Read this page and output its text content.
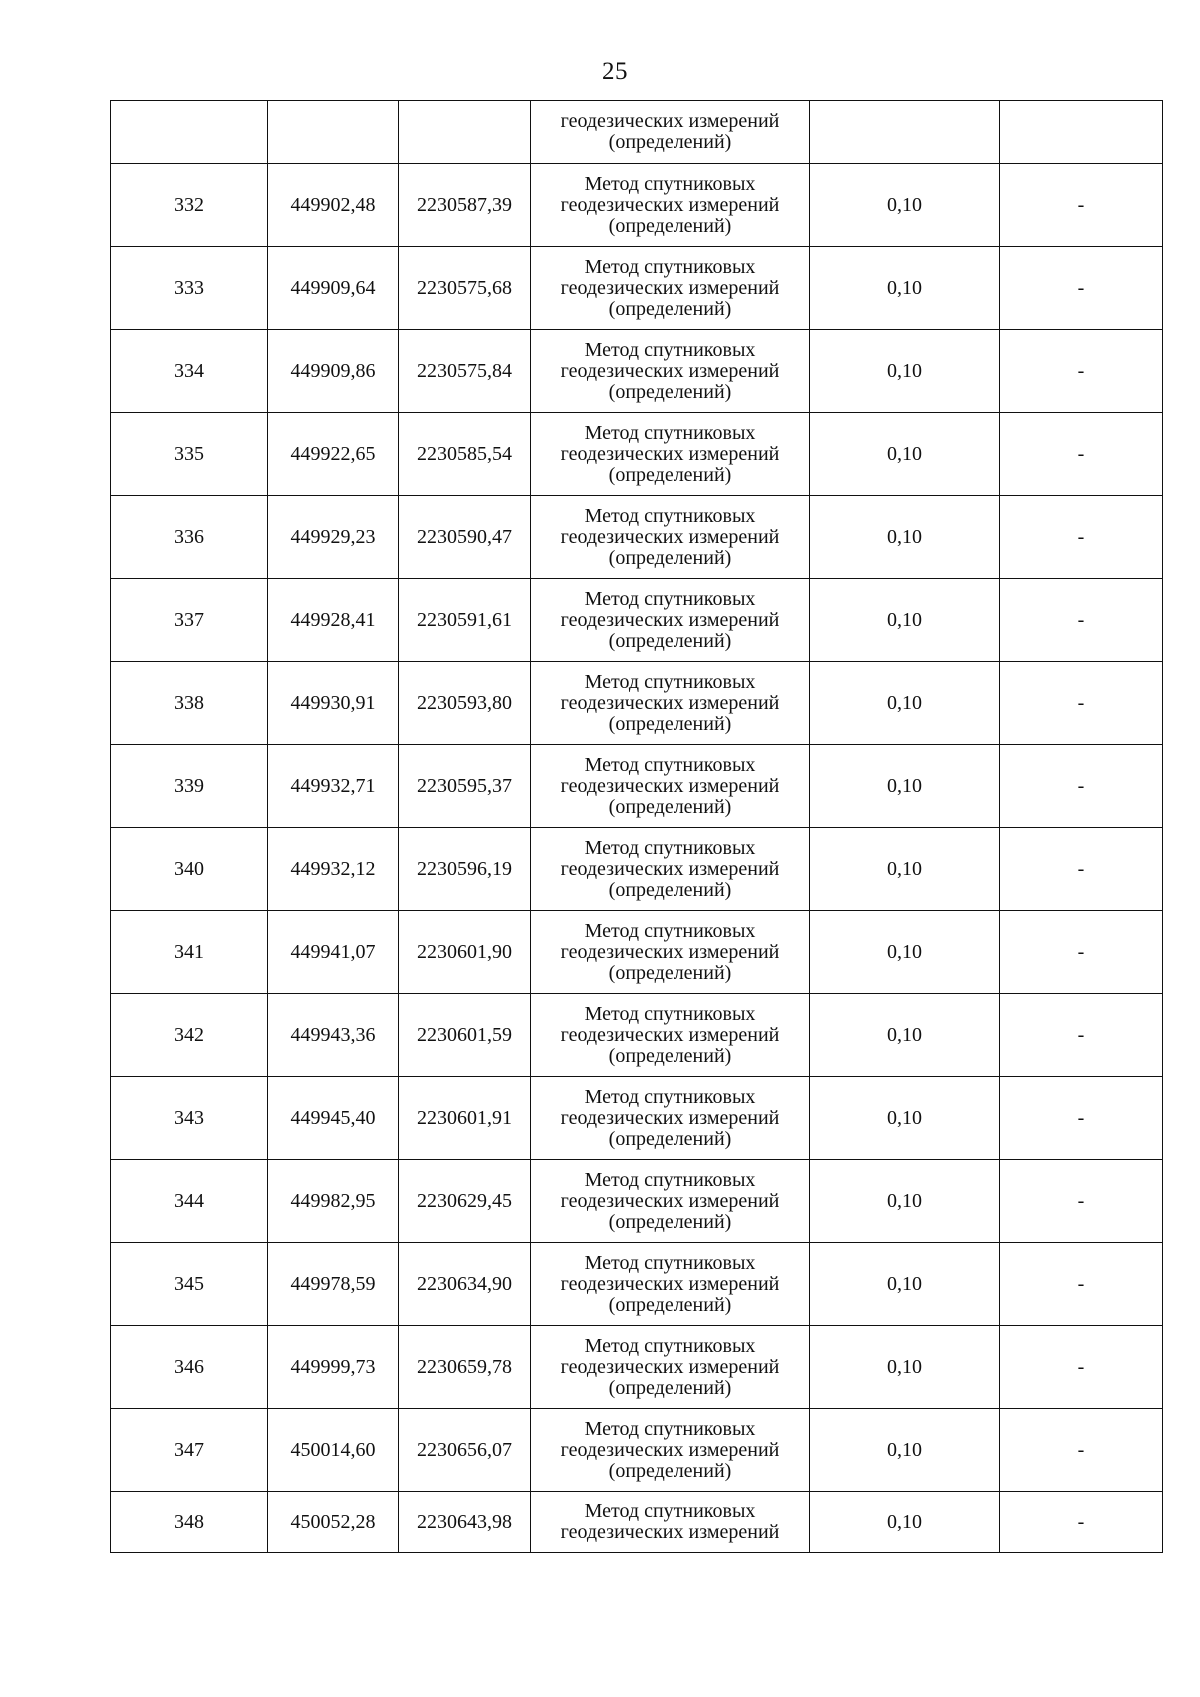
25

			геодезических измерений
(определений)		

332	449902,48	2230587,39	Метод спутниковых
геодезических измерений
(определений)	0,10	-
333	449909,64	2230575,68	Метод спутниковых
геодезических измерений
(определений)	0,10	-
334	449909,86	2230575,84	Метод спутниковых
геодезических измерений
(определений)	0,10	-
335	449922,65	2230585,54	Метод спутниковых
геодезических измерений
(определений)	0,10	-
336	449929,23	2230590,47	Метод спутниковых
геодезических измерений
(определений)	0,10	-
337	449928,41	2230591,61	Метод спутниковых
геодезических измерений
(определений)	0,10	-
338	449930,91	2230593,80	Метод спутниковых
геодезических измерений
(определений)	0,10	-
339	449932,71	2230595,37	Метод спутниковых
геодезических измерений
(определений)	0,10	-
340	449932,12	2230596,19	Метод спутниковых
геодезических измерений
(определений)	0,10	-
341	449941,07	2230601,90	Метод спутниковых
геодезических измерений
(определений)	0,10	-
342	449943,36	2230601,59	Метод спутниковых
геодезических измерений
(определений)	0,10	-
343	449945,40	2230601,91	Метод спутниковых
геодезических измерений
(определений)	0,10	-
344	449982,95	2230629,45	Метод спутниковых
геодезических измерений
(определений)	0,10	-
345	449978,59	2230634,90	Метод спутниковых
геодезических измерений
(определений)	0,10	-
346	449999,73	2230659,78	Метод спутниковых
геодезических измерений
(определений)	0,10	-
347	450014,60	2230656,07	Метод спутниковых
геодезических измерений
(определений)	0,10	-
348	450052,28	2230643,98	Метод спутниковых
геодезических измерений	0,10	-
